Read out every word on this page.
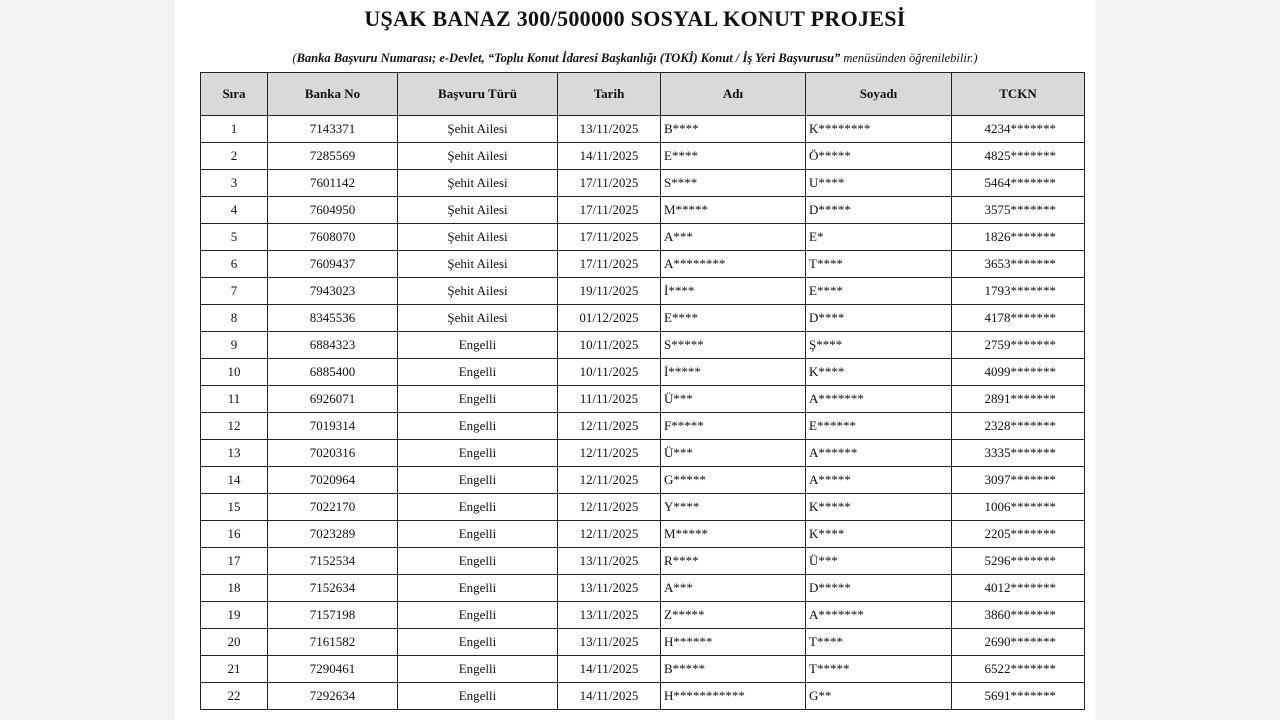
UŞAK BANAZ 300/500000 SOSYAL KONUT PROJESİ
(Banka Başvuru Numarası; e-Devlet, “Toplu Konut İdaresi Başkanlığı (TOKİ) Konut / İş Yeri Başvurusu” menüsünden öğrenilebilir.)
Sıra	Banka No	Başvuru Türü	Tarih	Adı	Soyadı	TCKN
1	7143371	Şehit Ailesi	13/11/2025	B****	K********	4234*******
2	7285569	Şehit Ailesi	14/11/2025	E****	Ö*****	4825*******
3	7601142	Şehit Ailesi	17/11/2025	S****	U****	5464*******
4	7604950	Şehit Ailesi	17/11/2025	M*****	D*****	3575*******
5	7608070	Şehit Ailesi	17/11/2025	A***	E*	1826*******
6	7609437	Şehit Ailesi	17/11/2025	A********	T****	3653*******
7	7943023	Şehit Ailesi	19/11/2025	İ****	E****	1793*******
8	8345536	Şehit Ailesi	01/12/2025	E****	D****	4178*******
9	6884323	Engelli	10/11/2025	S*****	Ş****	2759*******
10	6885400	Engelli	10/11/2025	İ*****	K****	4099*******
11	6926071	Engelli	11/11/2025	Ü***	A*******	2891*******
12	7019314	Engelli	12/11/2025	F*****	E******	2328*******
13	7020316	Engelli	12/11/2025	Ü***	A******	3335*******
14	7020964	Engelli	12/11/2025	G*****	A*****	3097*******
15	7022170	Engelli	12/11/2025	Y****	K*****	1006*******
16	7023289	Engelli	12/11/2025	M*****	K****	2205*******
17	7152534	Engelli	13/11/2025	R****	Ü***	5296*******
18	7152634	Engelli	13/11/2025	A***	D*****	4012*******
19	7157198	Engelli	13/11/2025	Z*****	A*******	3860*******
20	7161582	Engelli	13/11/2025	H******	T****	2690*******
21	7290461	Engelli	14/11/2025	B*****	T*****	6522*******
22	7292634	Engelli	14/11/2025	H***********	G**	5691*******
